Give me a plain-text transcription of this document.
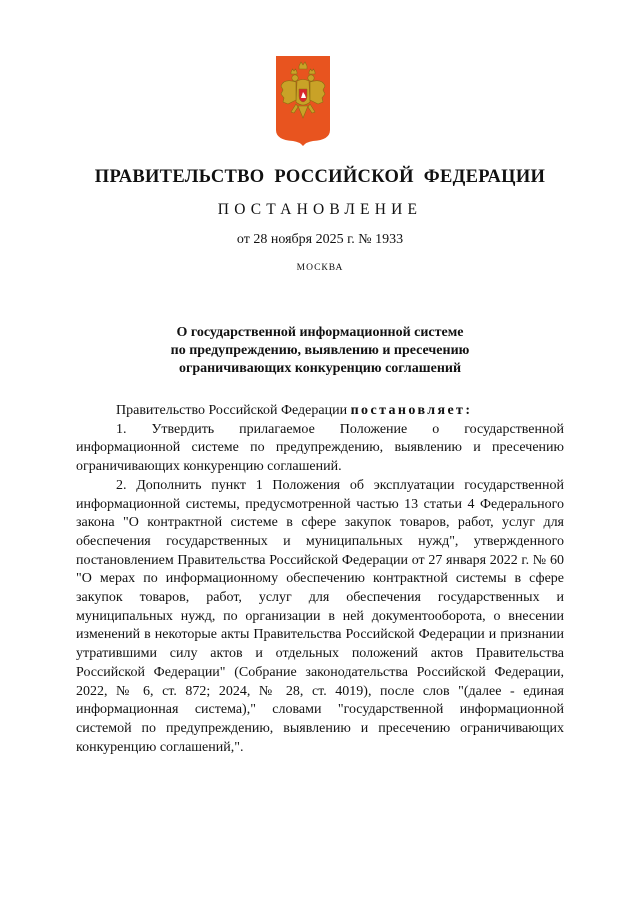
ПРАВИТЕЛЬСТВО РОССИЙСКОЙ ФЕДЕРАЦИИ
ПОСТАНОВЛЕНИЕ
от 28 ноября 2025 г. № 1933
МОСКВА
О государственной информационной системе
по предупреждению, выявлению и пресечению
ограничивающих конкуренцию соглашений

Правительство Российской Федерации постановляет:

1. Утвердить прилагаемое Положение о государственной информационной системе по предупреждению, выявлению и пресечению ограничивающих конкуренцию соглашений.

2. Дополнить пункт 1 Положения об эксплуатации государственной информационной системы, предусмотренной частью 13 статьи 4 Федерального закона "О контрактной системе в сфере закупок товаров, работ, услуг для обеспечения государственных и муниципальных нужд", утвержденного постановлением Правительства Российской Федерации от 27 января 2022 г. № 60 "О мерах по информационному обеспечению контрактной системы в сфере закупок товаров, работ, услуг для обеспечения государственных и муниципальных нужд, по организации в ней документооборота, о внесении изменений в некоторые акты Правительства Российской Федерации и признании утратившими силу актов и отдельных положений актов Правительства Российской Федерации" (Собрание законодательства Российской Федерации, 2022, № 6, ст. 872; 2024, № 28, ст. 4019), после слов "(далее - единая информационная система)," словами "государственной информационной системой по предупреждению, выявлению и пресечению ограничивающих конкуренцию соглашений,".
